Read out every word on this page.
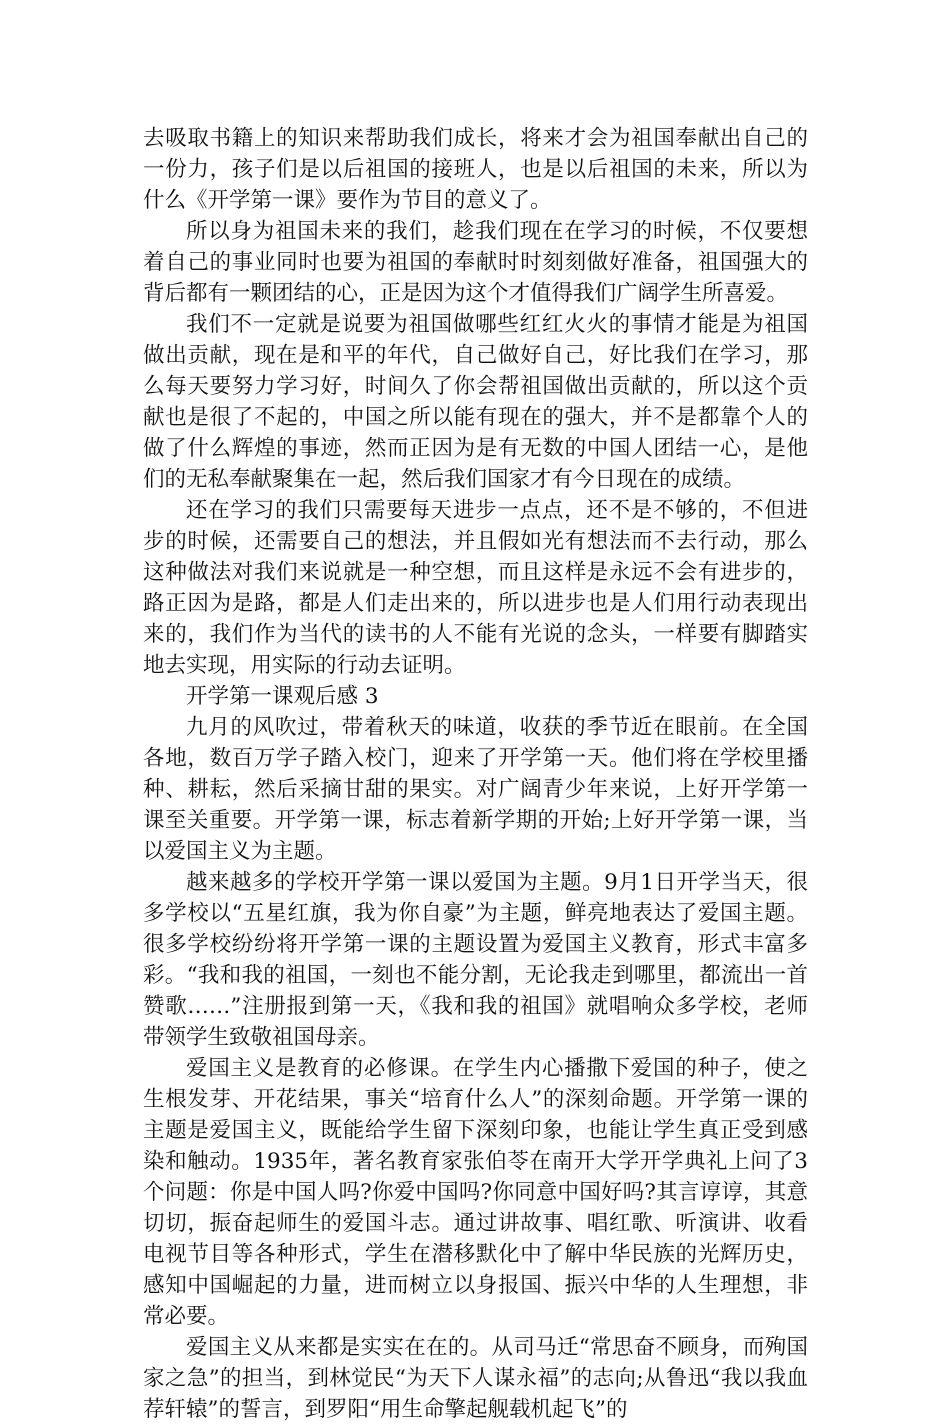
去吸取书籍上的知识来帮助我们成长，将来才会为祖国奉献出自己的一份力，孩子们是以后祖国的接班人，也是以后祖国的未来，所以为什么《开学第一课》要作为节目的意义了。

所以身为祖国未来的我们，趁我们现在在学习的时候，不仅要想着自己的事业同时也要为祖国的奉献时时刻刻做好准备，祖国强大的背后都有一颗团结的心，正是因为这个才值得我们广阔学生所喜爱。

我们不一定就是说要为祖国做哪些红红火火的事情才能是为祖国做出贡献，现在是和平的年代，自己做好自己，好比我们在学习，那么每天要努力学习好，时间久了你会帮祖国做出贡献的，所以这个贡献也是很了不起的，中国之所以能有现在的强大，并不是都靠个人的做了什么辉煌的事迹，然而正因为是有无数的中国人团结一心，是他们的无私奉献聚集在一起，然后我们国家才有今日现在的成绩。

还在学习的我们只需要每天进步一点点，还不是不够的，不但进步的时候，还需要自己的想法，并且假如光有想法而不去行动，那么这种做法对我们来说就是一种空想，而且这样是永远不会有进步的，路正因为是路，都是人们走出来的，所以进步也是人们用行动表现出来的，我们作为当代的读书的人不能有光说的念头，一样要有脚踏实地去实现，用实际的行动去证明。

开学第一课观后感 3

九月的风吹过，带着秋天的味道，收获的季节近在眼前。在全国各地，数百万学子踏入校门，迎来了开学第一天。他们将在学校里播种、耕耘，然后采摘甘甜的果实。对广阔青少年来说，上好开学第一课至关重要。开学第一课，标志着新学期的开始;上好开学第一课，当以爱国主义为主题。

越来越多的学校开学第一课以爱国为主题。9月1日开学当天，很多学校以“五星红旗，我为你自豪”为主题，鲜亮地表达了爱国主题。很多学校纷纷将开学第一课的主题设置为爱国主义教育，形式丰富多彩。“我和我的祖国，一刻也不能分割，无论我走到哪里，都流出一首赞歌……”注册报到第一天，《我和我的祖国》就唱响众多学校，老师带领学生致敬祖国母亲。

爱国主义是教育的必修课。在学生内心播撒下爱国的种子，使之生根发芽、开花结果，事关“培育什么人”的深刻命题。开学第一课的主题是爱国主义，既能给学生留下深刻印象，也能让学生真正受到感染和触动。1935年，著名教育家张伯苓在南开大学开学典礼上问了3个问题：你是中国人吗?你爱中国吗?你同意中国好吗?其言谆谆，其意切切，振奋起师生的爱国斗志。通过讲故事、唱红歌、听演讲、收看电视节目等各种形式，学生在潜移默化中了解中华民族的光辉历史，感知中国崛起的力量，进而树立以身报国、振兴中华的人生理想，非常必要。

爱国主义从来都是实实在在的。从司马迁“常思奋不顾身，而殉国家之急”的担当，到林觉民“为天下人谋永福”的志向;从鲁迅“我以我血荐轩辕”的誓言，到罗阳“用生命擎起舰载机起飞”的
